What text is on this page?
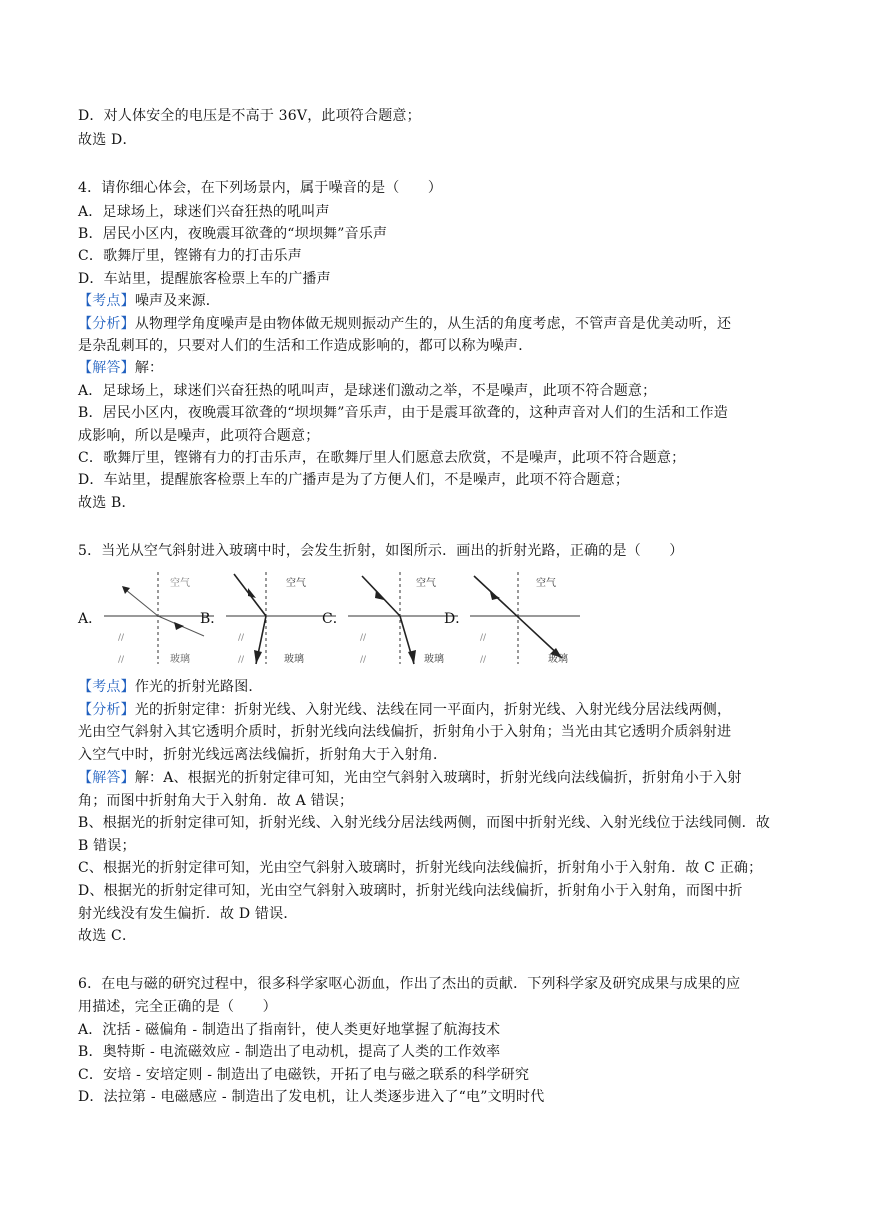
D．对人体安全的电压是不高于 36V，此项符合题意；
故选 D．
4．请你细心体会，在下列场景内，属于噪音的是（　　）
A．足球场上，球迷们兴奋狂热的吼叫声
B．居民小区内，夜晚震耳欲聋的“坝坝舞”音乐声
C．歌舞厅里，铿锵有力的打击乐声
D．车站里，提醒旅客检票上车的广播声
【考点】噪声及来源．
【分析】从物理学角度噪声是由物体做无规则振动产生的，从生活的角度考虑，不管声音是优美动听，还
是杂乱刺耳的，只要对人们的生活和工作造成影响的，都可以称为噪声．
【解答】解：
A．足球场上，球迷们兴奋狂热的吼叫声，是球迷们激动之举，不是噪声，此项不符合题意；
B．居民小区内，夜晚震耳欲聋的“坝坝舞”音乐声，由于是震耳欲聋的，这种声音对人们的生活和工作造
成影响，所以是噪声，此项符合题意；
C．歌舞厅里，铿锵有力的打击乐声，在歌舞厅里人们愿意去欣赏，不是噪声，此项不符合题意；
D．车站里，提醒旅客检票上车的广播声是为了方便人们，不是噪声，此项不符合题意；
故选 B．
5．当光从空气斜射进入玻璃中时，会发生折射，如图所示．画出的折射光路，正确的是（　　）
A．
空气
//
//	玻璃
B．
空气
//
//	玻璃
C．
空气
//
//	玻璃
D．
空气
//
//	玻璃
【考点】作光的折射光路图．
【分析】光的折射定律：折射光线、入射光线、法线在同一平面内，折射光线、入射光线分居法线两侧，
光由空气斜射入其它透明介质时，折射光线向法线偏折，折射角小于入射角；当光由其它透明介质斜射进
入空气中时，折射光线远离法线偏折，折射角大于入射角．
【解答】解：A、根据光的折射定律可知，光由空气斜射入玻璃时，折射光线向法线偏折，折射角小于入射
角；而图中折射角大于入射角．故 A 错误；
B、根据光的折射定律可知，折射光线、入射光线分居法线两侧，而图中折射光线、入射光线位于法线同侧．故
B 错误；
C、根据光的折射定律可知，光由空气斜射入玻璃时，折射光线向法线偏折，折射角小于入射角．故 C 正确；
D、根据光的折射定律可知，光由空气斜射入玻璃时，折射光线向法线偏折，折射角小于入射角，而图中折
射光线没有发生偏折．故 D 错误．
故选 C．
6．在电与磁的研究过程中，很多科学家呕心沥血，作出了杰出的贡献．下列科学家及研究成果与成果的应
用描述，完全正确的是（　　）
A．沈括 - 磁偏角 - 制造出了指南针，使人类更好地掌握了航海技术
B．奥特斯 - 电流磁效应 - 制造出了电动机，提高了人类的工作效率
C．安培 - 安培定则 - 制造出了电磁铁，开拓了电与磁之联系的科学研究
D．法拉第 - 电磁感应 - 制造出了发电机，让人类逐步进入了“电”文明时代
